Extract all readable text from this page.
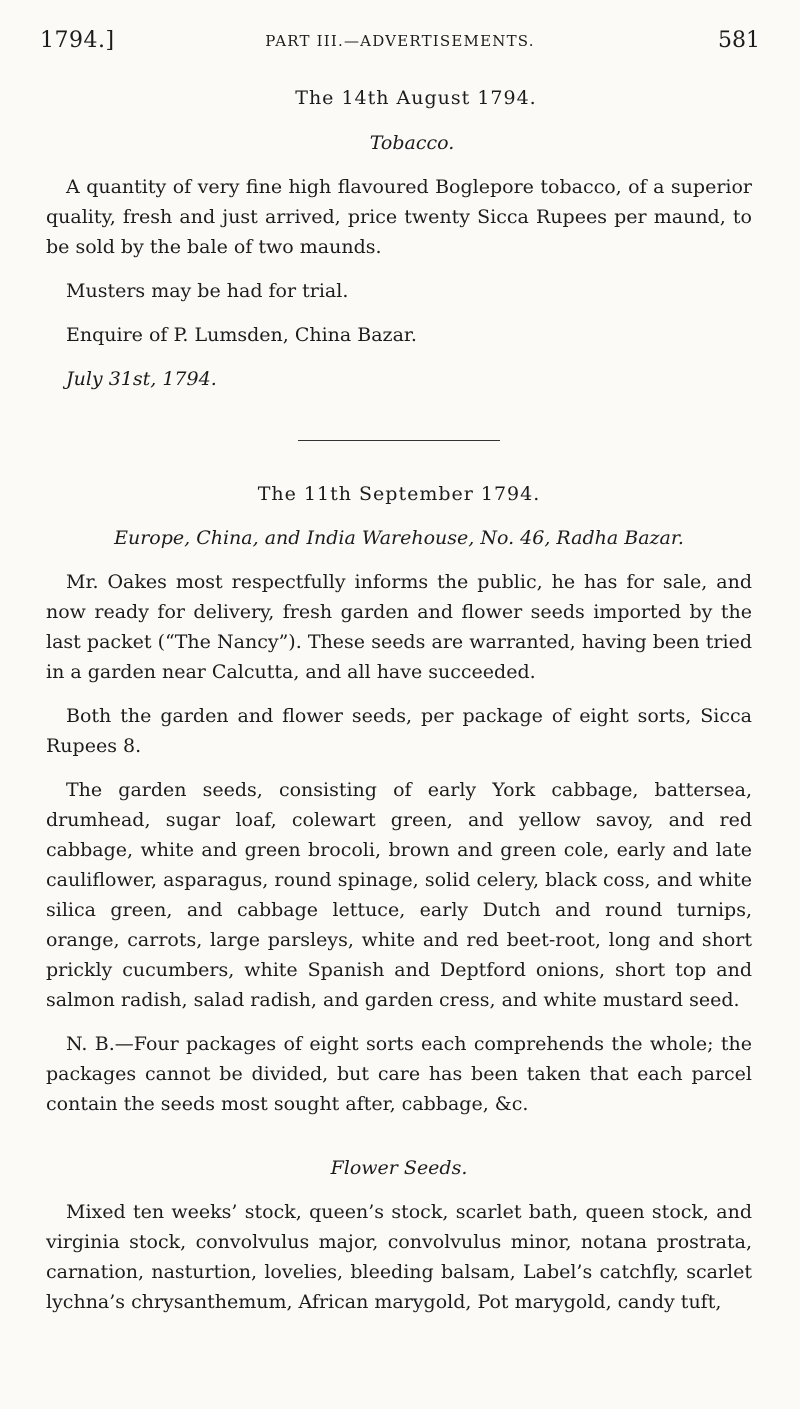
1794.]	PART III.—ADVERTISEMENTS.	581

The 14th August 1794.

Tobacco.

A quantity of very fine high flavoured Boglepore tobacco, of a superior quality, fresh and just arrived, price twenty Sicca Rupees per maund, to be sold by the bale of two maunds.

Musters may be had for trial.

Enquire of P. Lumsden, China Bazar.

July 31st, 1794.

The 11th September 1794.

Europe, China, and India Warehouse, No. 46, Radha Bazar.

Mr. Oakes most respectfully informs the public, he has for sale, and now ready for delivery, fresh garden and flower seeds imported by the last packet (“The Nancy”). These seeds are warranted, having been tried in a garden near Calcutta, and all have succeeded.

Both the garden and flower seeds, per package of eight sorts, Sicca Rupees 8.

The garden seeds, consisting of early York cabbage, battersea, drumhead, sugar loaf, colewart green, and yellow savoy, and red cabbage, white and green brocoli, brown and green cole, early and late cauliflower, asparagus, round spinage, solid celery, black coss, and white silica green, and cabbage lettuce, early Dutch and round turnips, orange, carrots, large parsleys, white and red beet-root, long and short prickly cucumbers, white Spanish and Deptford onions, short top and salmon radish, salad radish, and garden cress, and white mustard seed.

N. B.—Four packages of eight sorts each comprehends the whole; the packages cannot be divided, but care has been taken that each parcel contain the seeds most sought after, cabbage, &c.

Flower Seeds.

Mixed ten weeks’ stock, queen’s stock, scarlet bath, queen stock, and virginia stock, convolvulus major, convolvulus minor, notana prostrata, carnation, nasturtion, lovelies, bleeding balsam, Label’s catchfly, scarlet lychna’s chrysanthemum, African marygold, Pot marygold, candy tuft,
